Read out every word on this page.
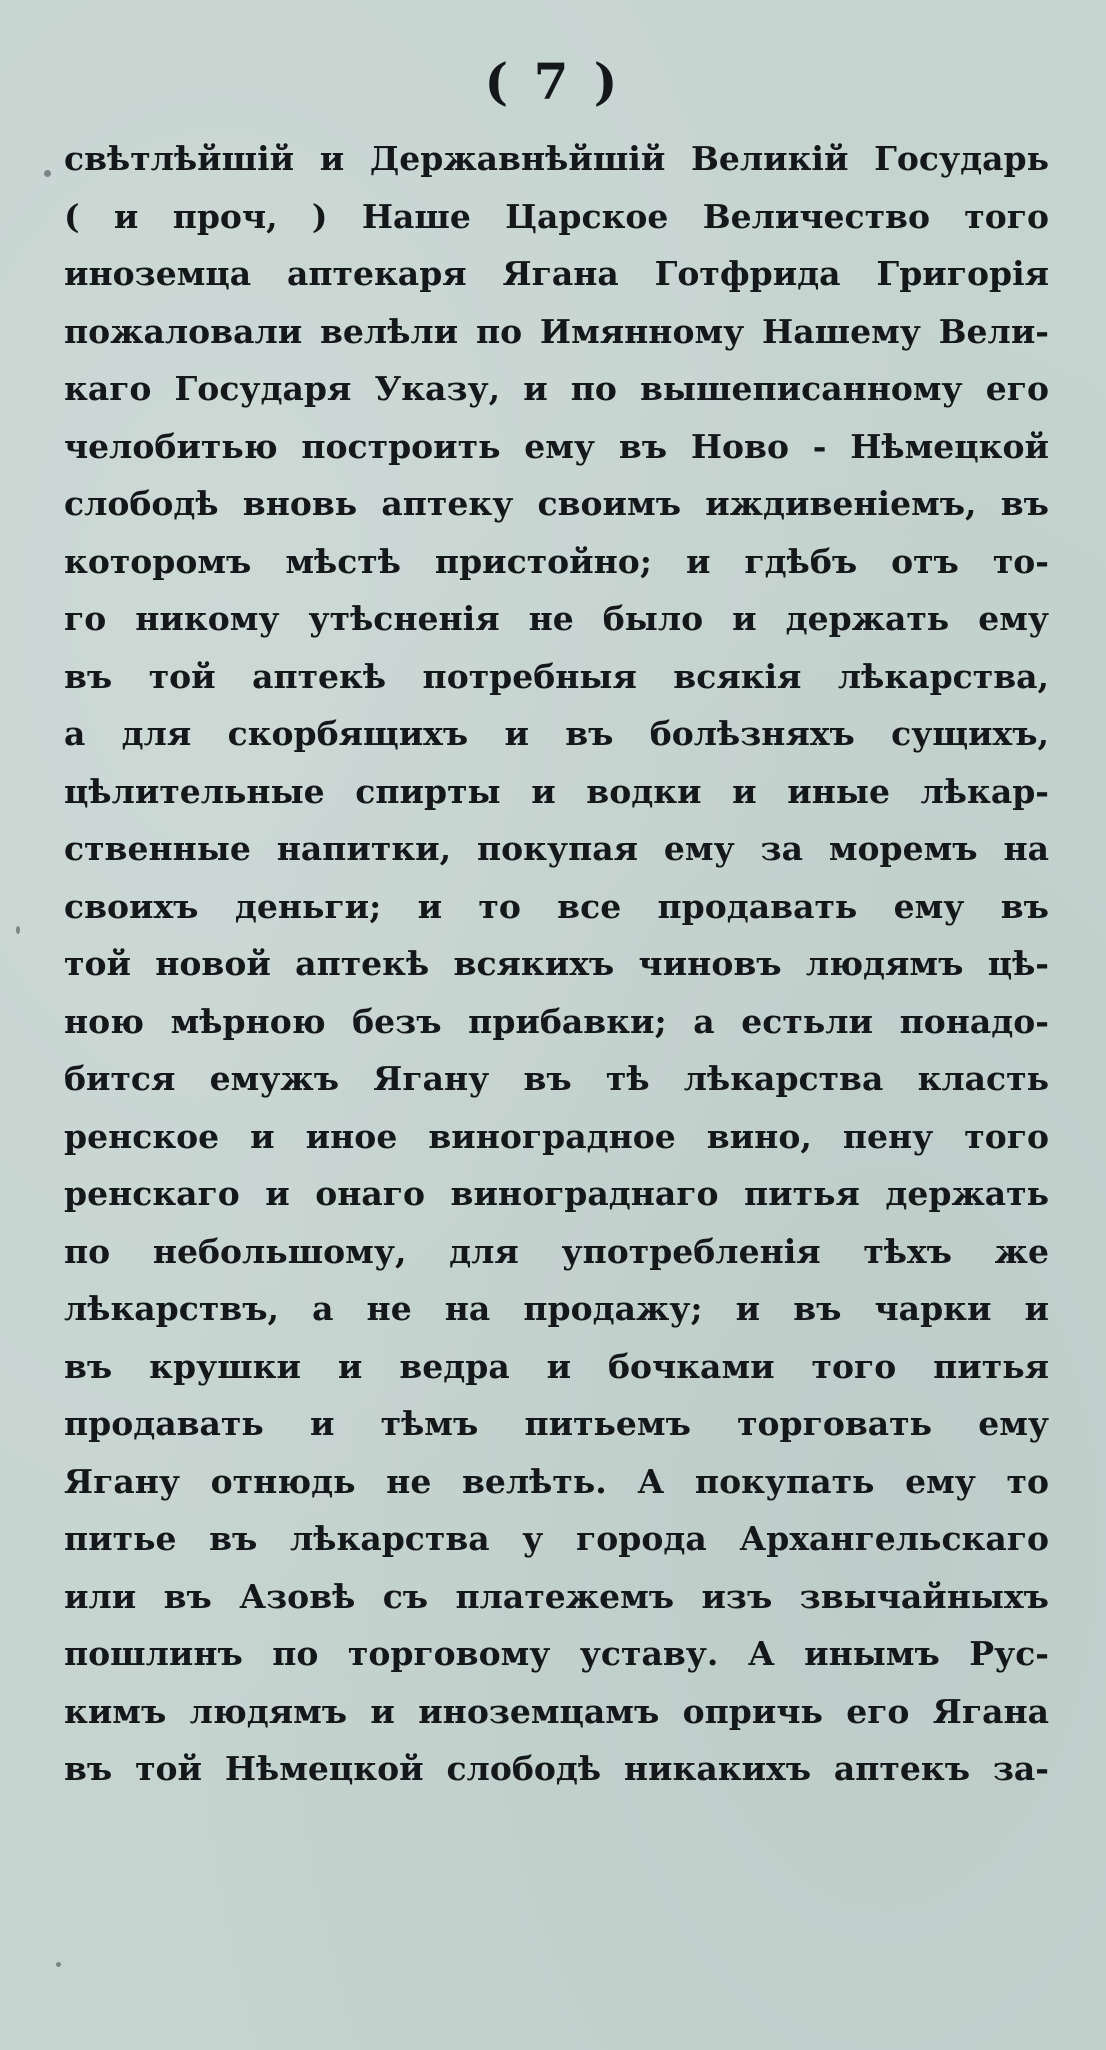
( 7 )
свѣтлѣйшій и Державнѣйшій Великій Государь
( и проч, ) Наше Царское Величество того
иноземца аптекаря Ягана Готфрида Григорія
пожаловали велѣли по Имянному Нашему Вели-
каго Государя Указу, и по вышеписанному его
челобитью построить ему въ Ново - Нѣмецкой
слободѣ вновь аптеку своимъ иждивеніемъ, въ
которомъ мѣстѣ пристойно; и гдѣбъ отъ то-
го никому утѣсненія не было и держать ему
въ той аптекѣ потребныя всякія лѣкарства,
а для скорбящихъ и въ болѣзняхъ сущихъ,
цѣлительные спирты и водки и иные лѣкар-
ственные напитки, покупая ему за моремъ на
своихъ деньги; и то все продавать ему въ
той новой аптекѣ всякихъ чиновъ людямъ цѣ-
ною мѣрною безъ прибавки; а естьли понадо-
бится емужъ Ягану въ тѣ лѣкарства класть
ренское и иное виноградное вино, пену того
ренскаго и онаго винограднаго питья держать
по небольшому, для употребленія тѣхъ же
лѣкарствъ, а не на продажу; и въ чарки и
въ крушки и ведра и бочками того питья
продавать и тѣмъ питьемъ торговать ему
Ягану отнюдь не велѣть. А покупать ему то
питье въ лѣкарства у города Архангельскаго
или въ Азовѣ съ платежемъ изъ звычайныхъ
пошлинъ по торговому уставу. А инымъ Рус-
кимъ людямъ и иноземцамъ опричь его Ягана
въ той Нѣмецкой слободѣ никакихъ аптекъ за-
